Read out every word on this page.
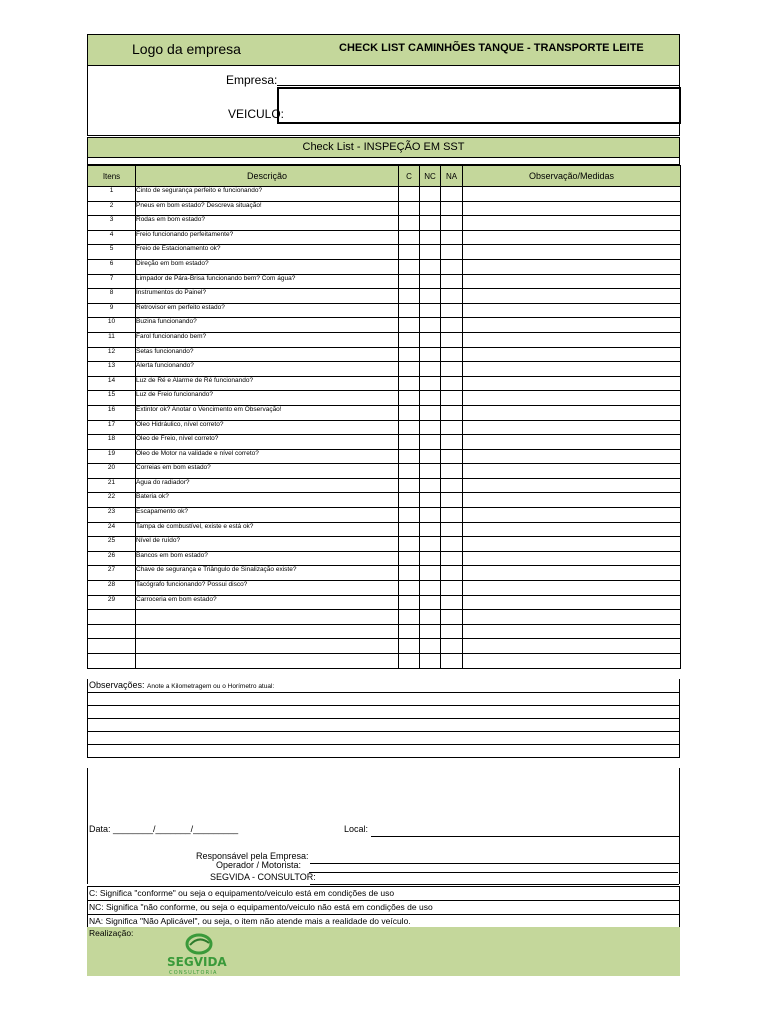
Logo da empresa	CHECK LIST CAMINHÕES TANQUE - TRANSPORTE LEITE
Empresa:
VEICULO:
Check List - INSPEÇÃO EM SST
Itens	Descrição	C	NC	NA	Observação/Medidas
1	Cinto de segurança perfeito e funcionando?				
2	Pneus em bom estado? Descreva situação!				
3	Rodas em bom estado?				
4	Freio funcionando perfeitamente?				
5	Freio de Estacionamento ok?				
6	Direção em bom estado?				
7	Limpador de Pára-Brisa funcionando bem? Com água?				
8	Instrumentos do Painel?				
9	Retrovisor em perfeito estado?				
10	Buzina funcionando?				
11	Farol funcionando bem?				
12	Setas funcionando?				
13	Alerta funcionando?				
14	Luz de Ré e Alarme de Ré funcionando?				
15	Luz de Freio funcionando?				
16	Extintor ok? Anotar o Vencimento em Observação!				
17	Óleo Hidráulico, nível correto?				
18	Óleo de Freio, nível correto?				
19	Óleo de Motor na validade e nível correto?				
20	Correias em bom estado?				
21	Água do radiador?				
22	Bateria ok?				
23	Escapamento ok?				
24	Tampa de combustível, existe e está ok?				
25	Nível de ruído?				
26	Bancos em bom estado?				
27	Chave de segurança e Triângulo de Sinalização existe?				
28	Tacógrafo funcionando? Possui disco?				
29	Carroceria em bom estado?				

Observações: Anote a Kilometragem ou o Horímetro atual:
Data: ________/_______/_________	Local:
Responsável pela Empresa:
SEGVIDA - CONSULTOR:
C: Significa "conforme" ou seja o equipamento/veiculo está em condições de uso
NC: Significa "não conforme, ou seja o equipamento/veiculo não está em condições de uso
NA: Significa "Não Aplicável", ou seja, o item não atende mais a realidade do veículo.
Realização:
SEGVIDA
CONSULTORIA
Operador / Motorista:
